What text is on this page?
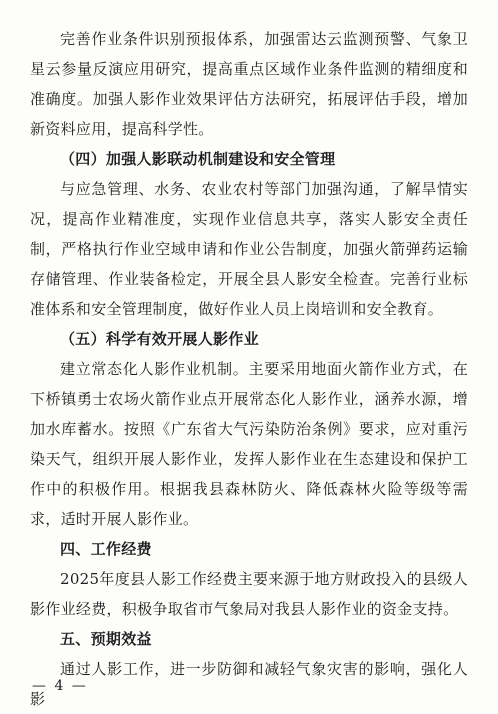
完善作业条件识别预报体系，加强雷达云监测预警、气象卫星云参量反演应用研究，提高重点区域作业条件监测的精细度和准确度。加强人影作业效果评估方法研究，拓展评估手段，增加新资料应用，提高科学性。

（四）加强人影联动机制建设和安全管理

与应急管理、水务、农业农村等部门加强沟通，了解旱情实况，提高作业精准度，实现作业信息共享，落实人影安全责任制，严格执行作业空域申请和作业公告制度，加强火箭弹药运输存储管理、作业装备检定，开展全县人影安全检查。完善行业标准体系和安全管理制度，做好作业人员上岗培训和安全教育。

（五）科学有效开展人影作业

建立常态化人影作业机制。主要采用地面火箭作业方式，在下桥镇勇士农场火箭作业点开展常态化人影作业，涵养水源，增加水库蓄水。按照《广东省大气污染防治条例》要求，应对重污染天气，组织开展人影作业，发挥人影作业在生态建设和保护工作中的积极作用。根据我县森林防火、降低森林火险等级等需求，适时开展人影作业。

四、工作经费

2025年度县人影工作经费主要来源于地方财政投入的县级人影作业经费，积极争取省市气象局对我县人影作业的资金支持。

五、预期效益

通过人影工作，进一步防御和减轻气象灾害的影响，强化人影

— 4 —
